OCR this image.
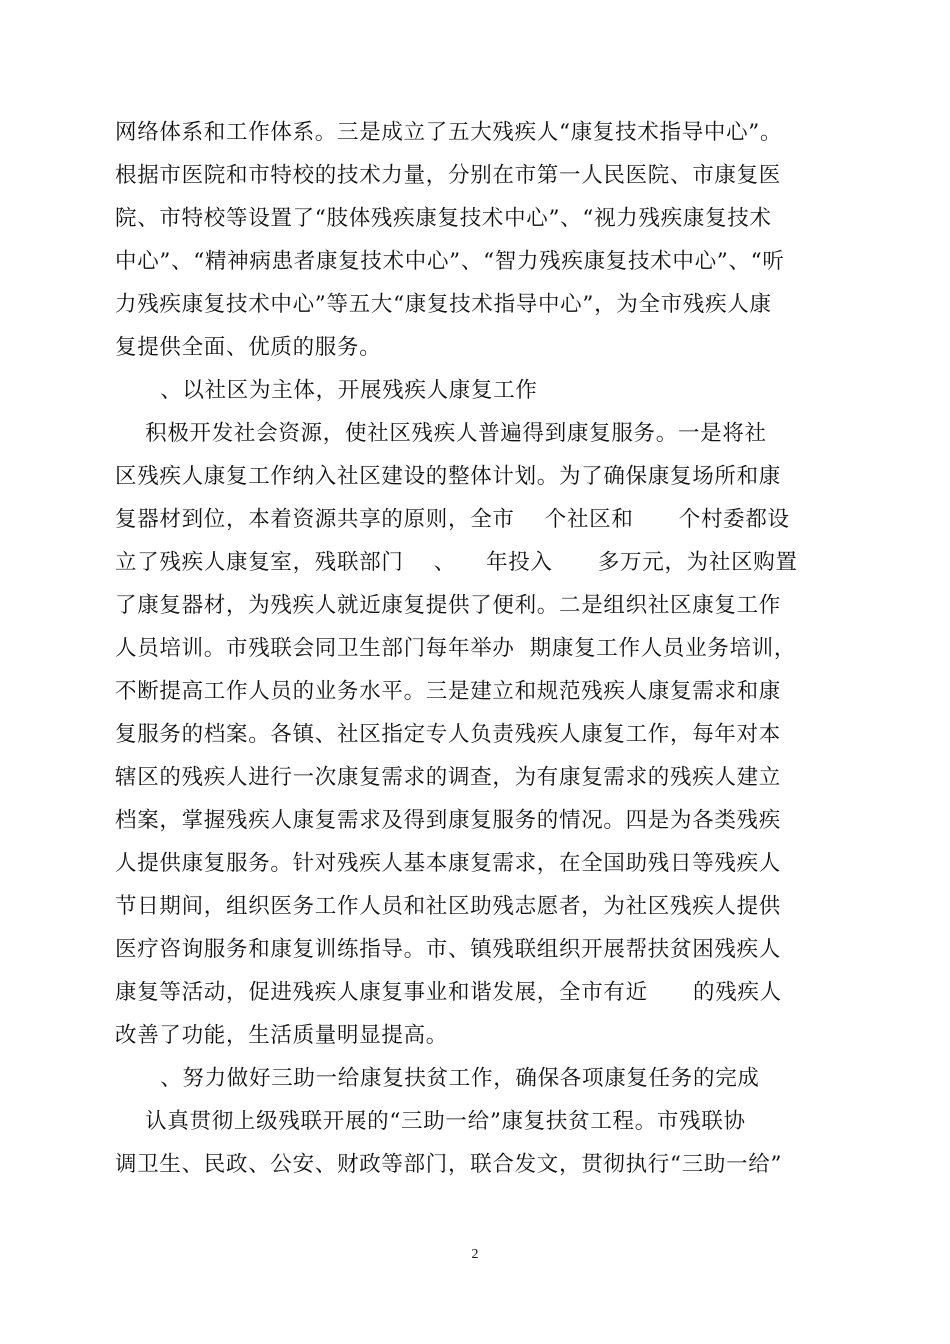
网络体系和工作体系。三是成立了五大残疾人“康复技术指导中心”。
根据市医院和市特校的技术力量，分别在市第一人民医院、市康复医
院、市特校等设置了“肢体残疾康复技术中心”、“视力残疾康复技术
中心”、“精神病患者康复技术中心”、“智力残疾康复技术中心”、“听
力残疾康复技术中心”等五大“康复技术指导中心”，为全市残疾人康
复提供全面、优质的服务。
、以社区为主体，开展残疾人康复工作
积极开发社会资源，使社区残疾人普遍得到康复服务。一是将社
区残疾人康复工作纳入社区建设的整体计划。为了确保康复场所和康
复器材到位，本着资源共享的原则，全市    个社区和      个村委都设
立了残疾人康复室，残联部门    、    年投入      多万元，为社区购置
了康复器材，为残疾人就近康复提供了便利。二是组织社区康复工作
人员培训。市残联会同卫生部门每年举办  期康复工作人员业务培训，
不断提高工作人员的业务水平。三是建立和规范残疾人康复需求和康
复服务的档案。各镇、社区指定专人负责残疾人康复工作，每年对本
辖区的残疾人进行一次康复需求的调查，为有康复需求的残疾人建立
档案，掌握残疾人康复需求及得到康复服务的情况。四是为各类残疾
人提供康复服务。针对残疾人基本康复需求，在全国助残日等残疾人
节日期间，组织医务工作人员和社区助残志愿者，为社区残疾人提供
医疗咨询服务和康复训练指导。市、镇残联组织开展帮扶贫困残疾人
康复等活动，促进残疾人康复事业和谐发展，全市有近      的残疾人
改善了功能，生活质量明显提高。
、努力做好三助一给康复扶贫工作，确保各项康复任务的完成
认真贯彻上级残联开展的“三助一给”康复扶贫工程。市残联协
调卫生、民政、公安、财政等部门，联合发文，贯彻执行“三助一给”
2
